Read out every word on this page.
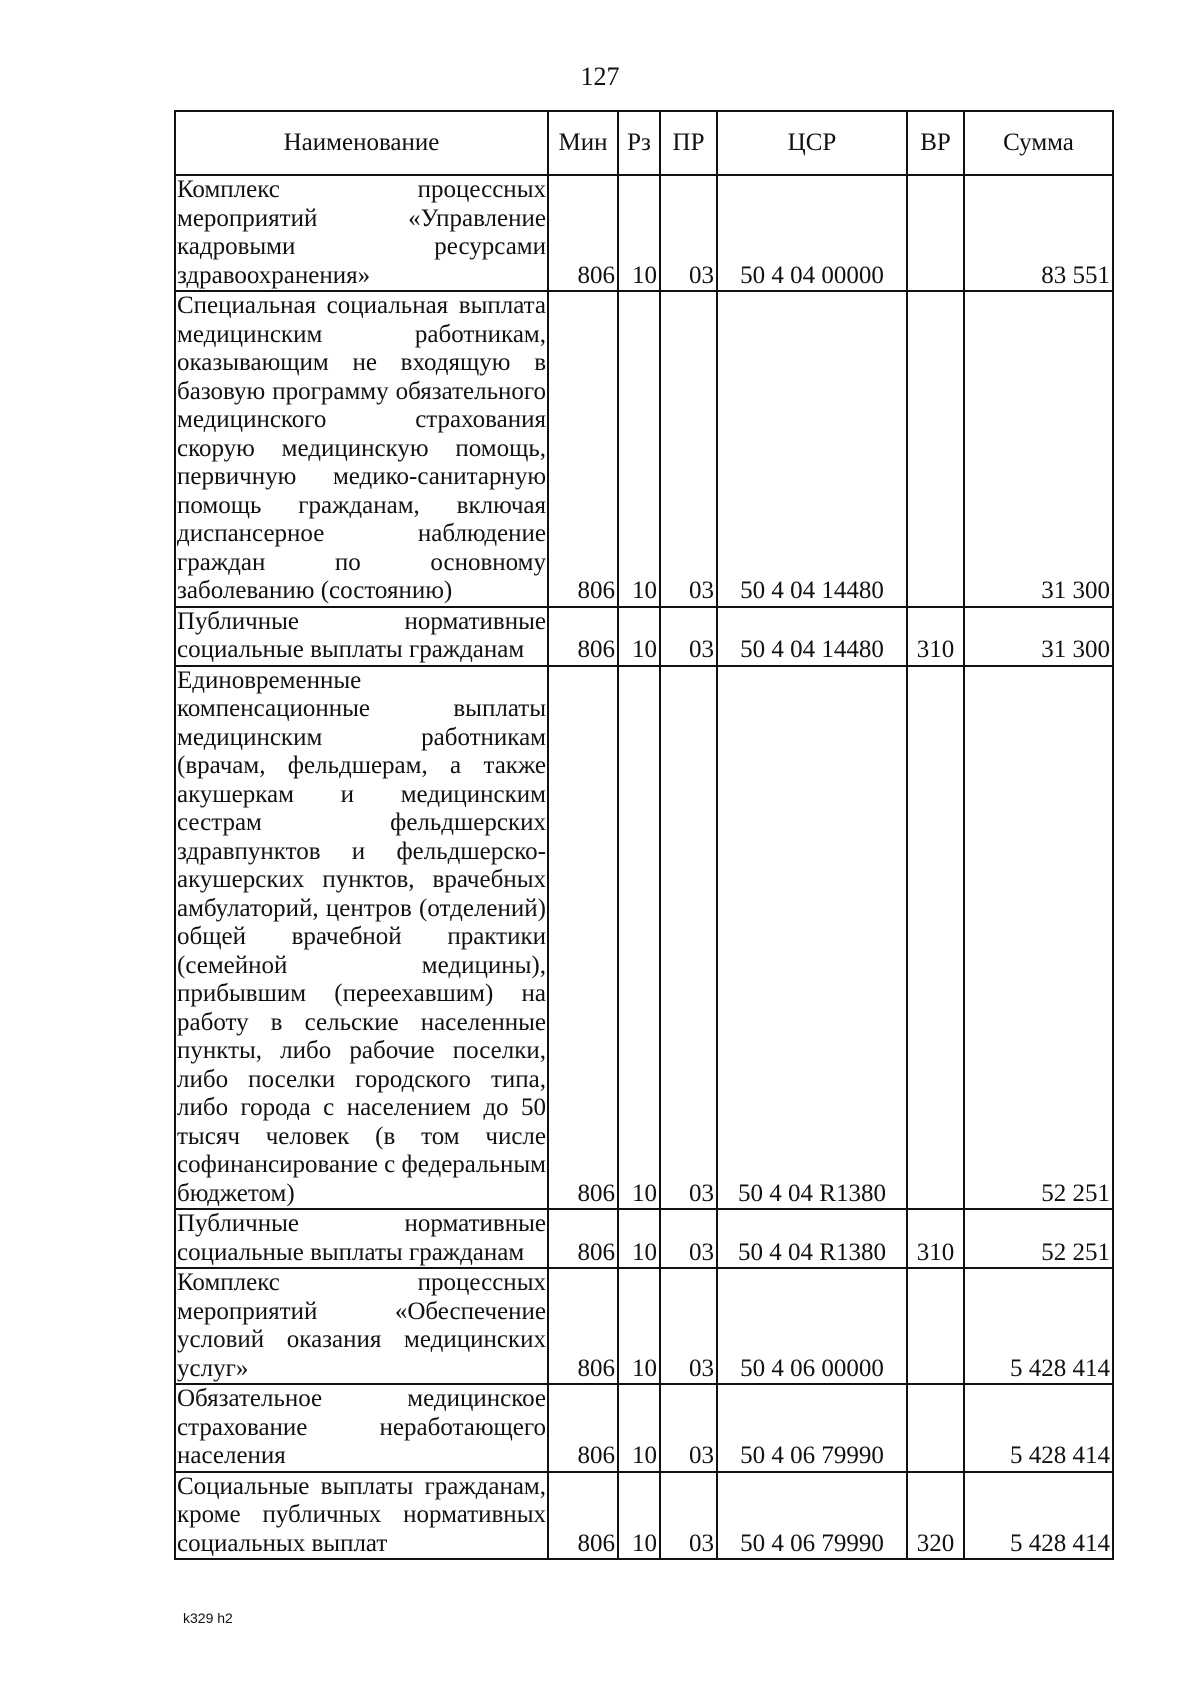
127
Наименование	Мин	Рз	ПР	ЦСР	ВР	Сумма
Комплекс процессных мероприятий «Управление кадровыми ресурсами здравоохранения»	806	10	03	50 4 04 00000		83 551
Специальная социальная выплата медицинским работникам, оказывающим не входящую в базовую программу обязательного медицинского страхования скорую медицинскую помощь, первичную медико-санитарную помощь гражданам, включая диспансерное наблюдение граждан по основному заболеванию (состоянию)	806	10	03	50 4 04 14480		31 300
Публичные нормативные социальные выплаты гражданам	806	10	03	50 4 04 14480	310	31 300
Единовременные компенсационные выплаты медицинским работникам (врачам, фельдшерам, а также акушеркам и медицинским сестрам фельдшерских здравпунктов и фельдшерско-акушерских пунктов, врачебных амбулаторий, центров (отделений) общей врачебной практики (семейной медицины), прибывшим (переехавшим) на работу в сельские населенные пункты, либо рабочие поселки, либо поселки городского типа, либо города с населением до 50 тысяч человек (в том числе софинансирование с федеральным бюджетом)	806	10	03	50 4 04 R1380		52 251
Публичные нормативные социальные выплаты гражданам	806	10	03	50 4 04 R1380	310	52 251
Комплекс процессных мероприятий «Обеспечение условий оказания медицинских услуг»	806	10	03	50 4 06 00000		5 428 414
Обязательное медицинское страхование неработающего населения	806	10	03	50 4 06 79990		5 428 414
Социальные выплаты гражданам, кроме публичных нормативных социальных выплат	806	10	03	50 4 06 79990	320	5 428 414
k329 h2
